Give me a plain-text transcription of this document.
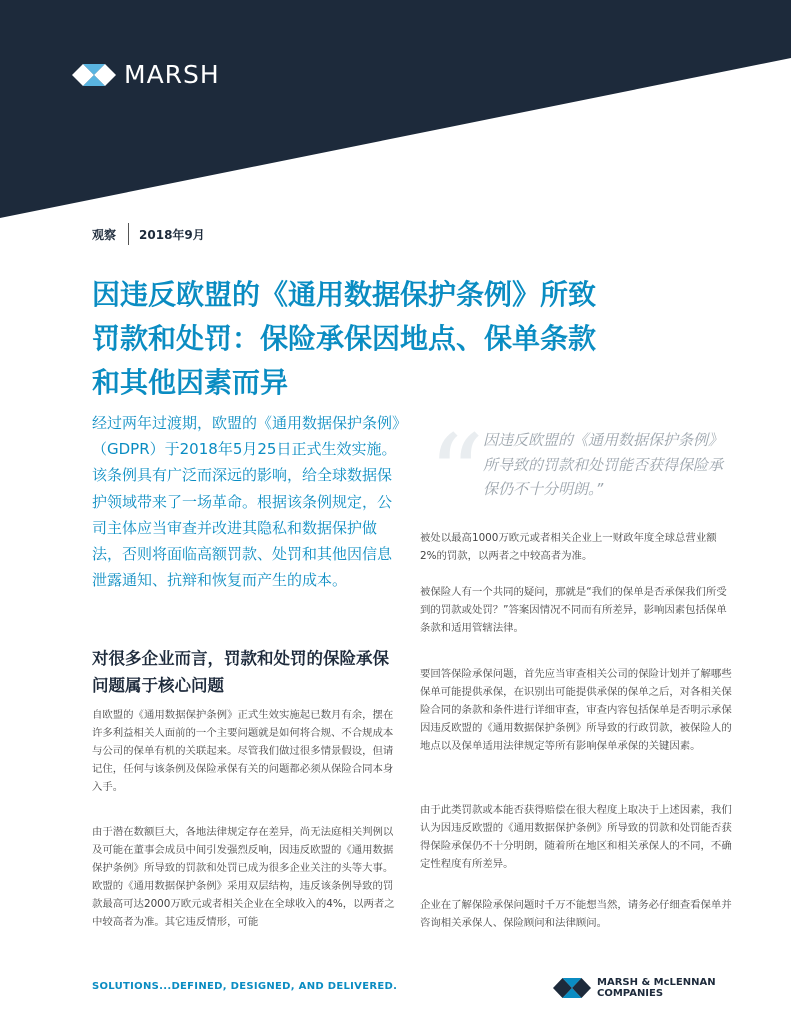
MARSH
观察 2018年9月
因违反欧盟的《通用数据保护条例》所致
罚款和处罚：保险承保因地点、保单条款
和其他因素而异
经过两年过渡期，欧盟的《通用数据保护条例》（GDPR）于2018年5月25日正式生效实施。该条例具有广泛而深远的影响，给全球数据保护领域带来了一场革命。根据该条例规定，公司主体应当审查并改进其隐私和数据保护做法，否则将面临高额罚款、处罚和其他因信息泄露通知、抗辩和恢复而产生的成本。
“
因违反欧盟的《通用数据保护条例》所导致的罚款和处罚能否获得保险承保仍不十分明朗。”
对很多企业而言，罚款和处罚的保险承保问题属于核心问题
自欧盟的《通用数据保护条例》正式生效实施起已数月有余，摆在许多利益相关人面前的一个主要问题就是如何将合规、不合规成本与公司的保单有机的关联起来。尽管我们做过很多情景假设，但请记住，任何与该条例及保险承保有关的问题都必须从保险合同本身入手。
由于潜在数额巨大，各地法律规定存在差异，尚无法庭相关判例以及可能在董事会成员中间引发强烈反响，因违反欧盟的《通用数据保护条例》所导致的罚款和处罚已成为很多企业关注的头等大事。欧盟的《通用数据保护条例》采用双层结构，违反该条例导致的罚款最高可达2000万欧元或者相关企业在全球收入的4%，以两者之中较高者为准。其它违反情形，可能
被处以最高1000万欧元或者相关企业上一财政年度全球总营业额2%的罚款，以两者之中较高者为准。
被保险人有一个共同的疑问，那就是“我们的保单是否承保我们所受到的罚款或处罚？”答案因情况不同而有所差异，影响因素包括保单条款和适用管辖法律。
要回答保险承保问题，首先应当审查相关公司的保险计划并了解哪些保单可能提供承保，在识别出可能提供承保的保单之后，对各相关保险合同的条款和条件进行详细审查，审查内容包括保单是否明示承保因违反欧盟的《通用数据保护条例》所导致的行政罚款，被保险人的地点以及保单适用法律规定等所有影响保单承保的关键因素。
由于此类罚款或本能否获得赔偿在很大程度上取决于上述因素，我们认为因违反欧盟的《通用数据保护条例》所导致的罚款和处罚能否获得保险承保仍不十分明朗，随着所在地区和相关承保人的不同，不确定性程度有所差异。
企业在了解保险承保问题时千万不能想当然，请务必仔细查看保单并咨询相关承保人、保险顾问和法律顾问。
SOLUTIONS...DEFINED, DESIGNED, AND DELIVERED.	MARSH & McLENNAN
COMPANIES
